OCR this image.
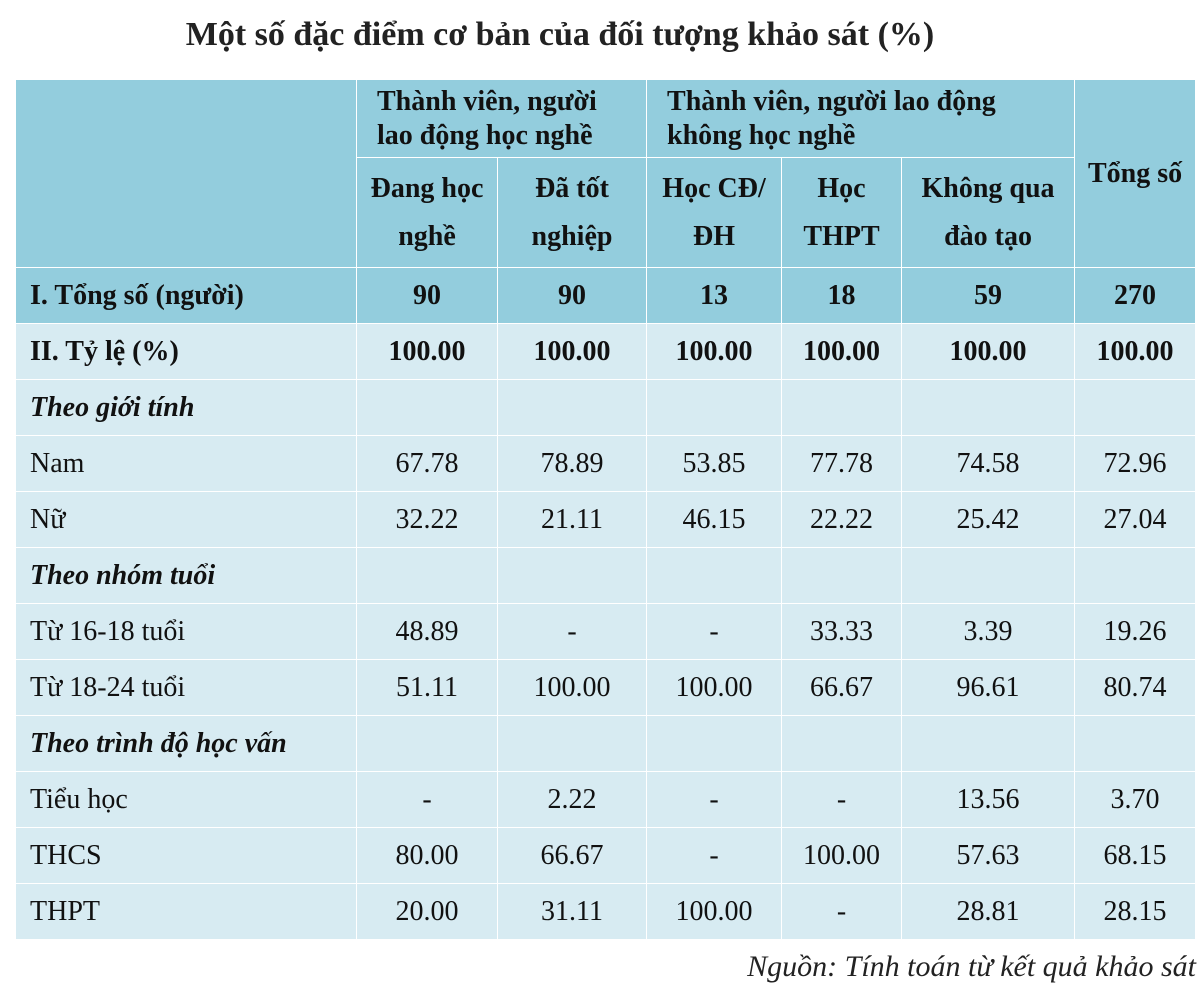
Một số đặc điểm cơ bản của đối tượng khảo sát (%)
	Thành viên, người lao động học nghề		Thành viên, người lao động không học nghề			Tổng số
	Đang học nghề	Đã tốt nghiệp	Học CĐ/ĐH	Học THPT	Không qua đào tạo	
I. Tổng số (người)	90	90	13	18	59	270
II. Tỷ lệ (%)	100.00	100.00	100.00	100.00	100.00	100.00
Theo giới tính						
Nam	67.78	78.89	53.85	77.78	74.58	72.96
Nữ	32.22	21.11	46.15	22.22	25.42	27.04
Theo nhóm tuổi						
Từ 16-18 tuổi	48.89	-	-	33.33	3.39	19.26
Từ 18-24 tuổi	51.11	100.00	100.00	66.67	96.61	80.74
Theo trình độ học vấn						
Tiểu học	-	2.22	-	-	13.56	3.70
THCS	80.00	66.67	-	100.00	57.63	68.15
THPT	20.00	31.11	100.00	-	28.81	28.15
Nguồn: Tính toán từ kết quả khảo sát
